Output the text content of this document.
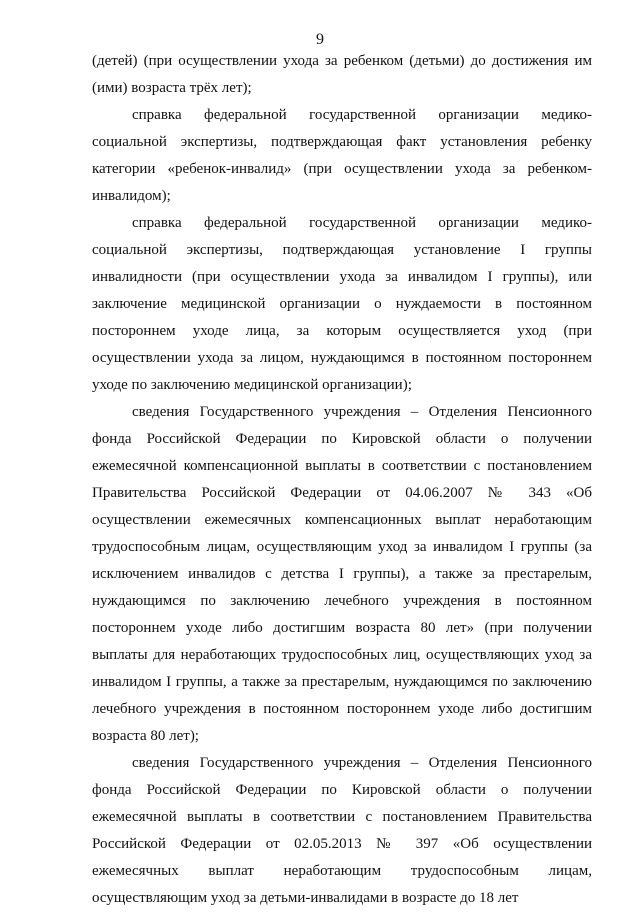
9

(детей) (при осуществлении ухода за ребенком (детьми) до достижения им (ими) возраста трёх лет);

справка федеральной государственной организации медико-социальной экспертизы, подтверждающая факт установления ребенку категории «ребенок-инвалид» (при осуществлении ухода за ребенком-инвалидом);

справка федеральной государственной организации медико-социальной экспертизы, подтверждающая установление I группы инвалидности (при осуществлении ухода за инвалидом I группы), или заключение медицинской организации о нуждаемости в постоянном постороннем уходе лица, за которым осуществляется уход (при осуществлении ухода за лицом, нуждающимся в постоянном постороннем уходе по заключению медицинской организации);

сведения Государственного учреждения – Отделения Пенсионного фонда Российской Федерации по Кировской области о получении ежемесячной компенсационной выплаты в соответствии с постановлением Правительства Российской Федерации от 04.06.2007 № 343 «Об осуществлении ежемесячных компенсационных выплат неработающим трудоспособным лицам, осуществляющим уход за инвалидом I группы (за исключением инвалидов с детства I группы), а также за престарелым, нуждающимся по заключению лечебного учреждения в постоянном постороннем уходе либо достигшим возраста 80 лет» (при получении выплаты для неработающих трудоспособных лиц, осуществляющих уход за инвалидом I группы, а также за престарелым, нуждающимся по заключению лечебного учреждения в постоянном постороннем уходе либо достигшим возраста 80 лет);

сведения Государственного учреждения – Отделения Пенсионного фонда Российской Федерации по Кировской области о получении ежемесячной выплаты в соответствии с постановлением Правительства Российской Федерации от 02.05.2013 № 397 «Об осуществлении ежемесячных выплат неработающим трудоспособным лицам, осуществляющим уход за детьми-инвалидами в возрасте до 18 лет
